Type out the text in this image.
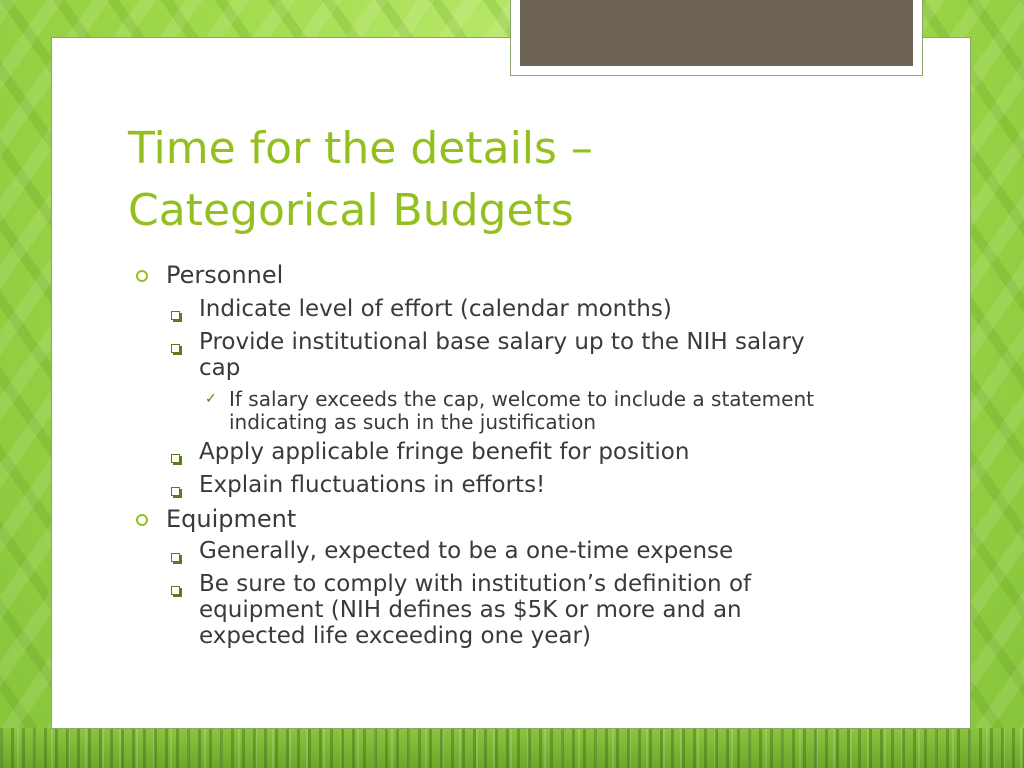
Time for the details –
Categorical Budgets
Personnel
Indicate level of effort (calendar months)
Provide institutional base salary up to the NIH salary cap
✓ If salary exceeds the cap, welcome to include a statement indicating as such in the justification
Apply applicable fringe benefit for position
Explain fluctuations in efforts!
Equipment
Generally, expected to be a one-time expense
Be sure to comply with institution’s definition of equipment (NIH defines as $5K or more and an expected life exceeding one year)
